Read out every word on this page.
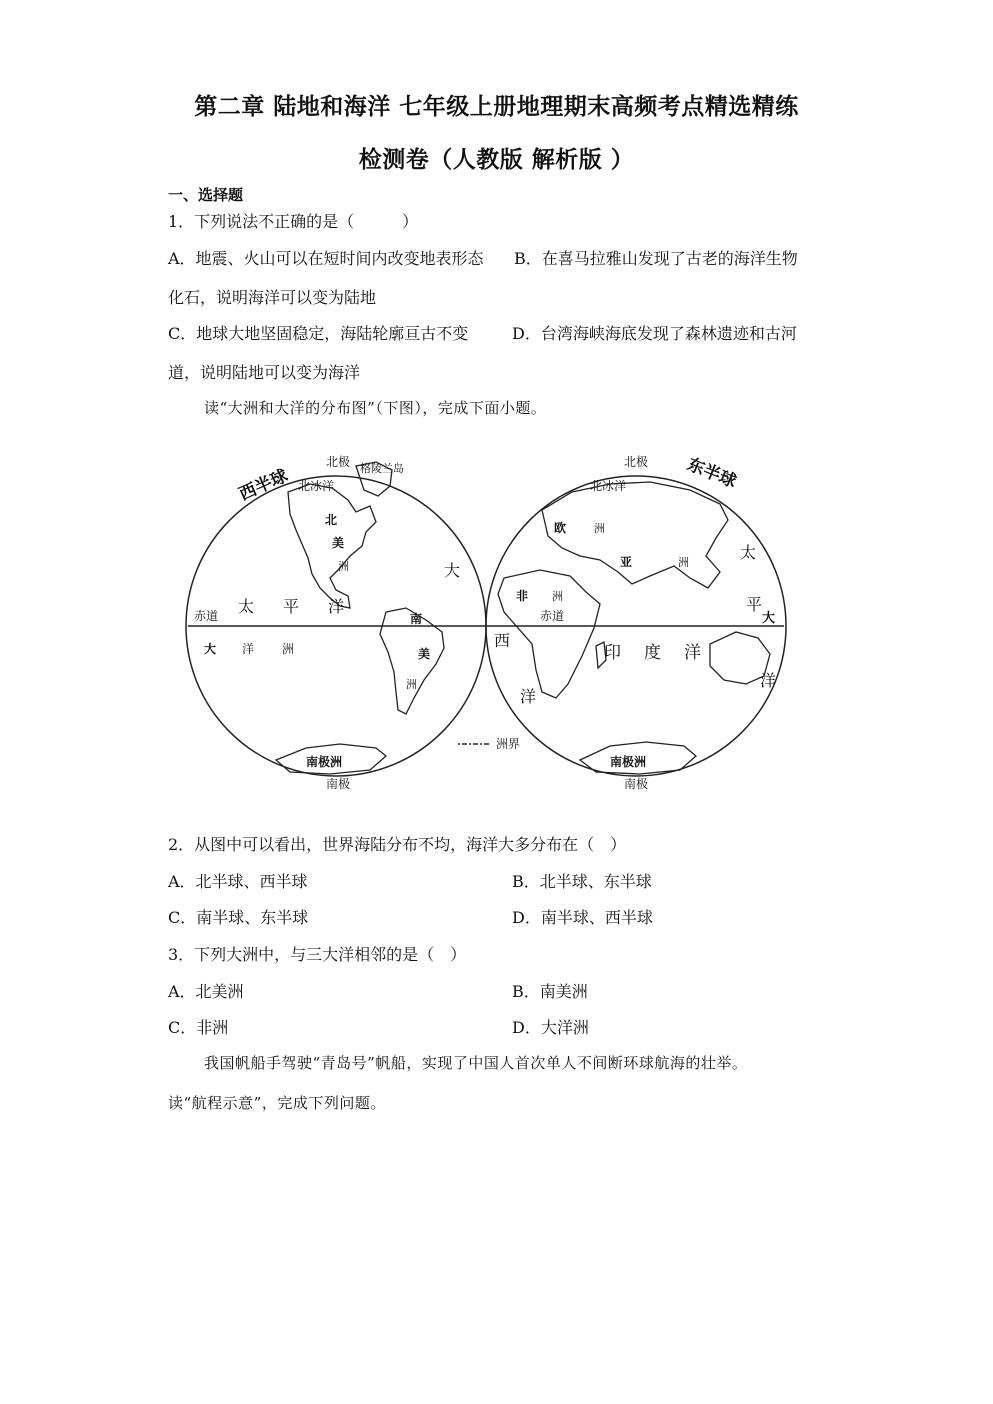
第二章 陆地和海洋 七年级上册地理期末高频考点精选精练
检测卷（人教版 解析版 ）
一、选择题
1．下列说法不正确的是（　　　）
A．地震、火山可以在短时间内改变地表形态 B．在喜马拉雅山发现了古老的海洋生物
化石，说明海洋可以变为陆地
C．地球大地坚固稳定，海陆轮廓亘古不变	D．台湾海峡海底发现了森林遗迹和古河
道，说明陆地可以变为海洋
读“大洲和大洋的分布图”（下图），完成下面小题。
西半球	东半球
北极	北极
格陵兰岛
北冰洋	北冰洋
北
美
洲
太 平 洋
大
赤道	南
美
洲
大 洋 洲
南极洲
南极
欧	洲
亚	洲
非 洲
赤道
西
洋
印 度 洋
太
平
洋
大
南极洲
南极
洲界
2．从图中可以看出，世界海陆分布不均，海洋大多分布在（　）
A．北半球、西半球	B．北半球、东半球
C．南半球、东半球	D．南半球、西半球
3．下列大洲中，与三大洋相邻的是（　）
A．北美洲	B．南美洲
C．非洲	D．大洋洲
我国帆船手驾驶“青岛号”帆船，实现了中国人首次单人不间断环球航海的壮举。
读“航程示意”，完成下列问题。
